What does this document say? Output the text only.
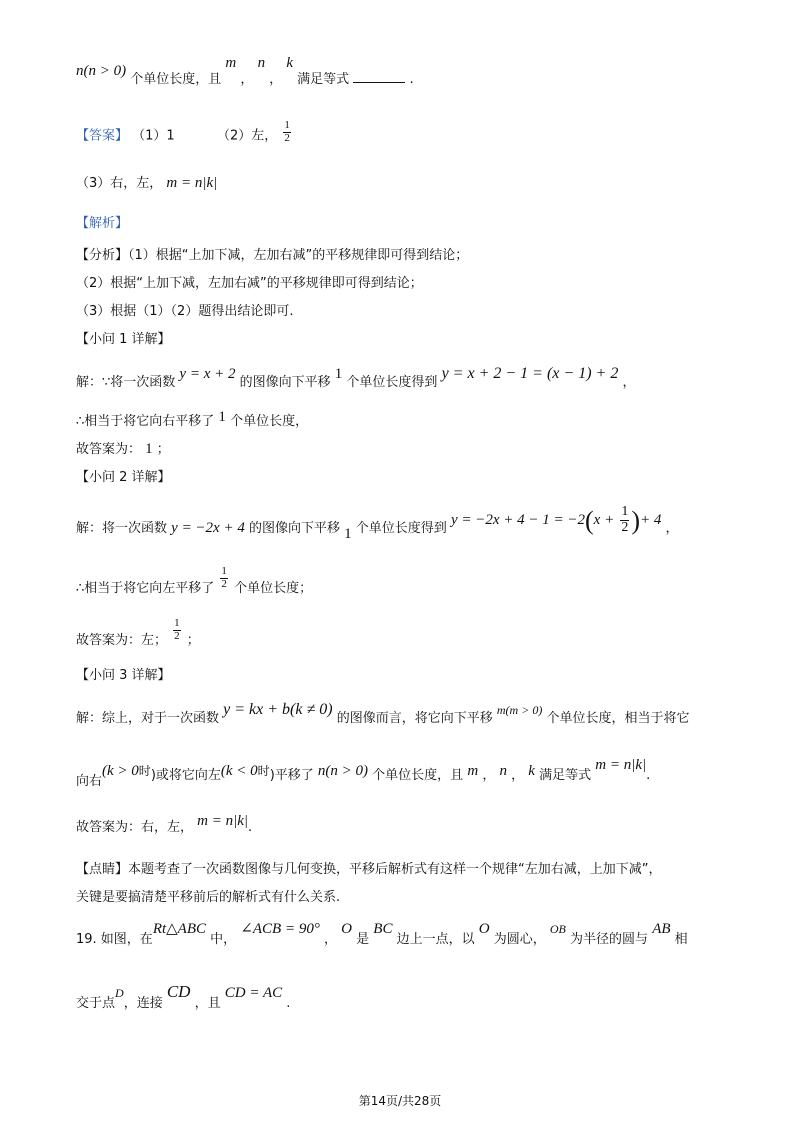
n(n > 0) 个单位长度，且 m ， n ， k 满足等式	.
【答案】 （1）1	（2）左， $\frac{1}{2}$
（3）右，左， m = n|k|
【解析】
【分析】（1）根据“上加下减，左加右减”的平移规律即可得到结论；
（2）根据“上加下减，左加右减”的平移规律即可得到结论；
（3）根据（1）（2）题得出结论即可.
【小问 1 详解】
解：∵将一次函数 y = x + 2 的图像向下平移 1 个单位长度得到 y = x + 2 − 1 = (x − 1) + 2 ，
∴相当于将它向右平移了 1 个单位长度，
故答案为： 1 ；
【小问 2 详解】
解：将一次函数 y = −2x + 4 的图像向下平移 1 个单位长度得到 $y = -2x + 4 - 1 = -2(x + \frac{1}{2}$ )+ 4 ，
∴相当于将它向左平移了 $\frac{1}{2}$ 个单位长度；
故答案为：左； $\frac{1}{2}$ ；
【小问 3 详解】
解：综上，对于一次函数 y = kx + b(k ≠ 0) 的图像而言，将它向下平移 m(m > 0) 个单位长度，相当于将它
向右(k > 0时)或将它向左(k < 0时)平移了 n(n > 0) 个单位长度，且 m ， n ， k 满足等式 m = n|k|.
故答案为：右，左， m = n|k|.
【点睛】本题考查了一次函数图像与几何变换，平移后解析式有这样一个规律“左加右减，上加下减”，
关键是要搞清楚平移前后的解析式有什么关系.
19. 如图，在Rt△ABC 中， ∠ACB = 90° ， O 是 BC 边上一点，以 O 为圆心， OB 为半径的圆与 AB 相
交于点D，连接 CD ，且 CD = AC .
第14页/共28页
